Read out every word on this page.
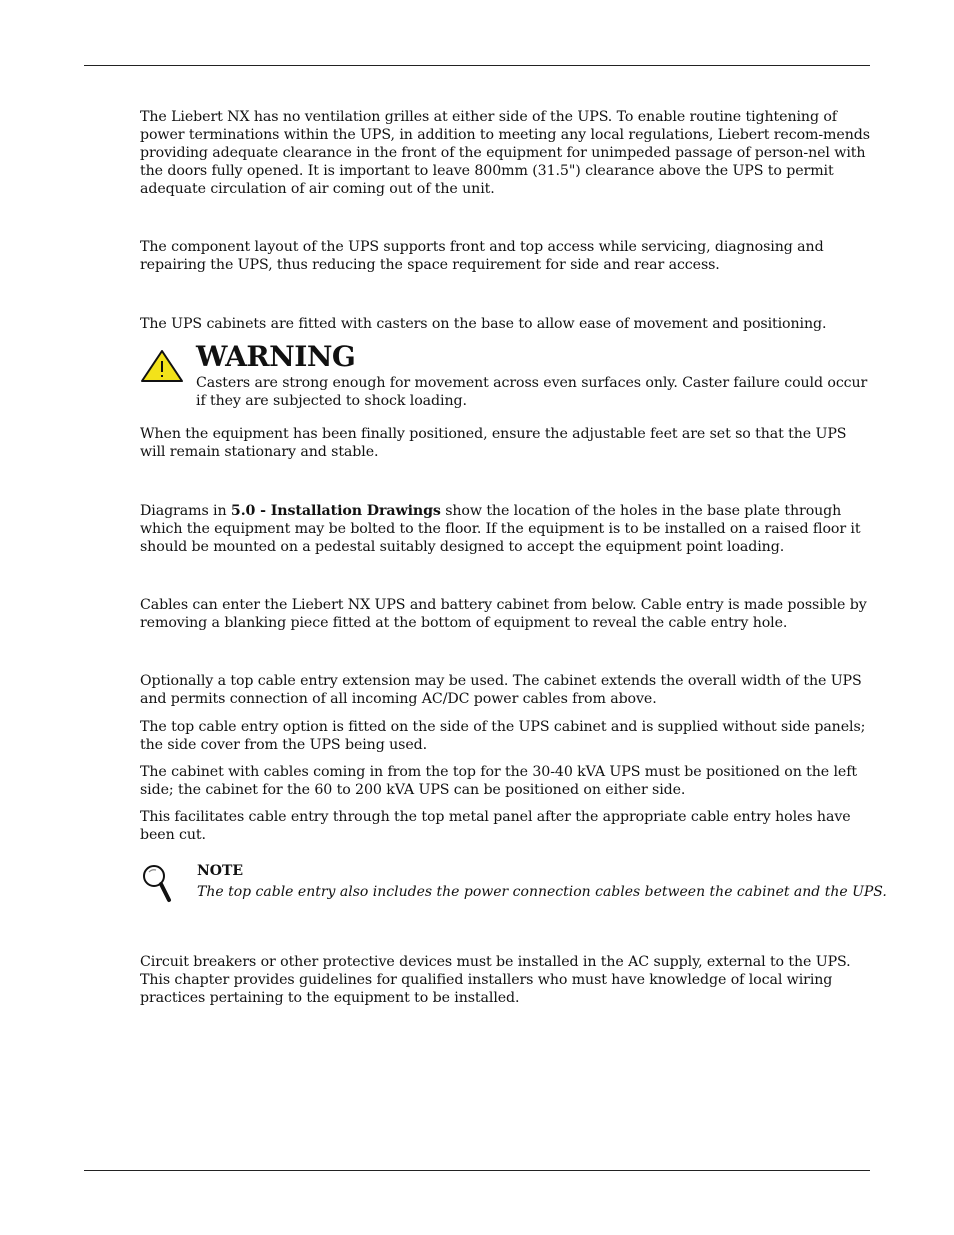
The Liebert NX has no ventilation grilles at either side of the UPS. To enable routine tightening of power terminations within the UPS, in addition to meeting any local regulations, Liebert recom-mends providing adequate clearance in the front of the equipment for unimpeded passage of person-nel with the doors fully opened. It is important to leave 800mm (31.5") clearance above the UPS to permit adequate circulation of air coming out of the unit.

The component layout of the UPS supports front and top access while servicing, diagnosing and repairing the UPS, thus reducing the space requirement for side and rear access.

The UPS cabinets are fitted with casters on the base to allow ease of movement and positioning.

WARNING

Casters are strong enough for movement across even surfaces only. Caster failure could occur if they are subjected to shock loading.

When the equipment has been finally positioned, ensure the adjustable feet are set so that the UPS will remain stationary and stable.

Diagrams in 5.0 - Installation Drawings show the location of the holes in the base plate through which the equipment may be bolted to the floor. If the equipment is to be installed on a raised floor it should be mounted on a pedestal suitably designed to accept the equipment point loading.

Cables can enter the Liebert NX UPS and battery cabinet from below. Cable entry is made possible by removing a blanking piece fitted at the bottom of equipment to reveal the cable entry hole.

Optionally a top cable entry extension may be used. The cabinet extends the overall width of the UPS and permits connection of all incoming AC/DC power cables from above.

The top cable entry option is fitted on the side of the UPS cabinet and is supplied without side panels; the side cover from the UPS being used.

The cabinet with cables coming in from the top for the 30-40 kVA UPS must be positioned on the left side; the cabinet for the 60 to 200 kVA UPS can be positioned on either side.

This facilitates cable entry through the top metal panel after the appropriate cable entry holes have been cut.

NOTE

The top cable entry also includes the power connection cables between the cabinet and the UPS.

Circuit breakers or other protective devices must be installed in the AC supply, external to the UPS. This chapter provides guidelines for qualified installers who must have knowledge of local wiring practices pertaining to the equipment to be installed.
